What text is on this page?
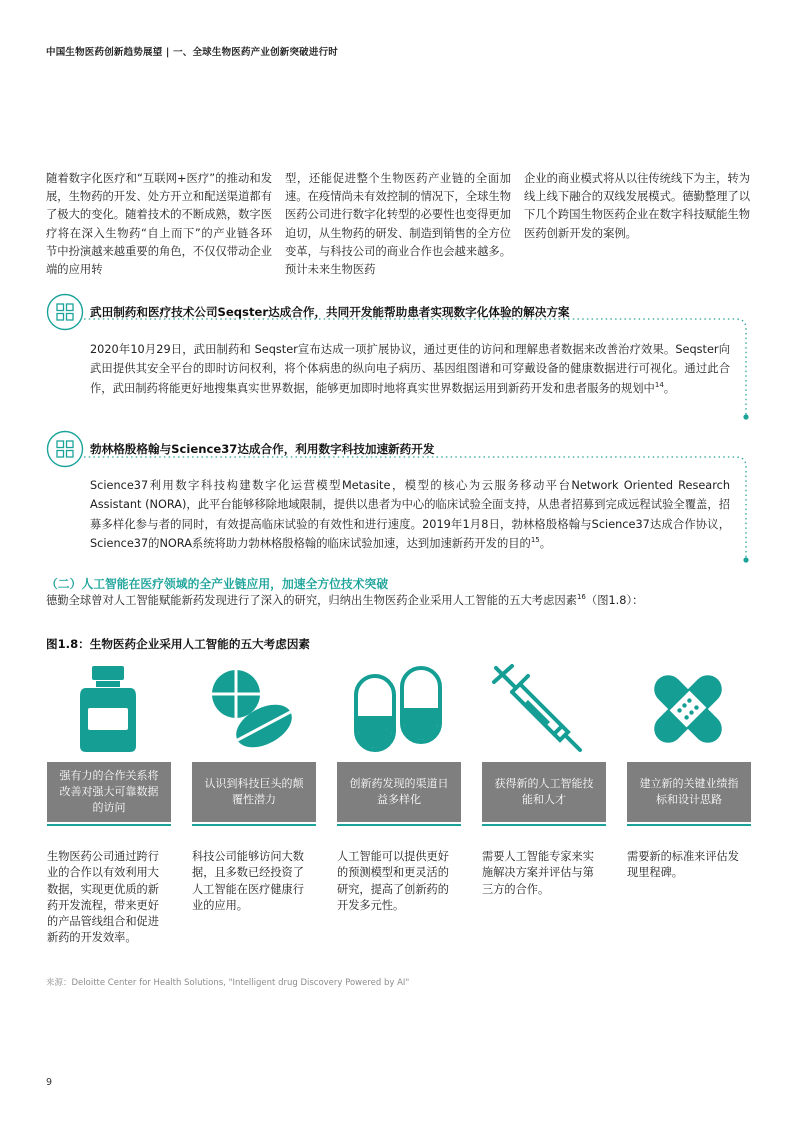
中国生物医药创新趋势展望 | 一、全球生物医药产业创新突破进行时
随着数字化医疗和“互联网+医疗”的推动和发展，生物药的开发、处方开立和配送渠道都有了极大的变化。随着技术的不断成熟，数字医疗将在深入生物药“自上而下”的产业链各环节中扮演越来越重要的角色，不仅仅带动企业端的应用转
型，还能促进整个生物医药产业链的全面加速。在疫情尚未有效控制的情况下，全球生物医药公司进行数字化转型的必要性也变得更加迫切，从生物药的研发、制造到销售的全方位变革，与科技公司的商业合作也会越来越多。预计未来生物医药
企业的商业模式将从以往传统线下为主，转为线上线下融合的双线发展模式。德勤整理了以下几个跨国生物医药企业在数字科技赋能生物医药创新开发的案例。
武田制药和医疗技术公司Seqster达成合作，共同开发能帮助患者实现数字化体验的解决方案
2020年10月29日，武田制药和 Seqster宣布达成一项扩展协议，通过更佳的访问和理解患者数据来改善治疗效果。Seqster向武田提供其安全平台的即时访问权利，将个体病患的纵向电子病历、基因组图谱和可穿戴设备的健康数据进行可视化。通过此合作，武田制药将能更好地搜集真实世界数据，能够更加即时地将真实世界数据运用到新药开发和患者服务的规划中$^{14}$。
勃林格殷格翰与Science37达成合作，利用数字科技加速新药开发
Science37利用数字科技构建数字化运营模型Metasite，模型的核心为云服务移动平台Network Oriented Research Assistant (NORA)，此平台能够移除地域限制，提供以患者为中心的临床试验全面支持，从患者招募到完成远程试验全覆盖，招募多样化参与者的同时，有效提高临床试验的有效性和进行速度。2019年1月8日，勃林格殷格翰与Science37达成合作协议，Science37的NORA系统将助力勃林格殷格翰的临床试验加速，达到加速新药开发的目的$^{15}$。
（二）人工智能在医疗领域的全产业链应用，加速全方位技术突破
德勤全球曾对人工智能赋能新药发现进行了深入的研究，归纳出生物医药企业采用人工智能的五大考虑因素$^{16}$（图1.8）：
图1.8：生物医药企业采用人工智能的五大考虑因素
强有力的合作关系将改善对强大可靠数据的访问
认识到科技巨头的颠覆性潜力
创新药发现的渠道日益多样化
获得新的人工智能技能和人才
建立新的关键业绩指标和设计思路
生物医药公司通过跨行业的合作以有效利用大数据，实现更优质的新药开发流程，带来更好的产品管线组合和促进新药的开发效率。
科技公司能够访问大数据，且多数已经投资了人工智能在医疗健康行业的应用。
人工智能可以提供更好的预测模型和更灵活的研究，提高了创新药的开发多元性。
需要人工智能专家来实施解决方案并评估与第三方的合作。
需要新的标准来评估发现里程碑。
来源：Deloitte Center for Health Solutions, "Intelligent drug Discovery Powered by AI"
9
